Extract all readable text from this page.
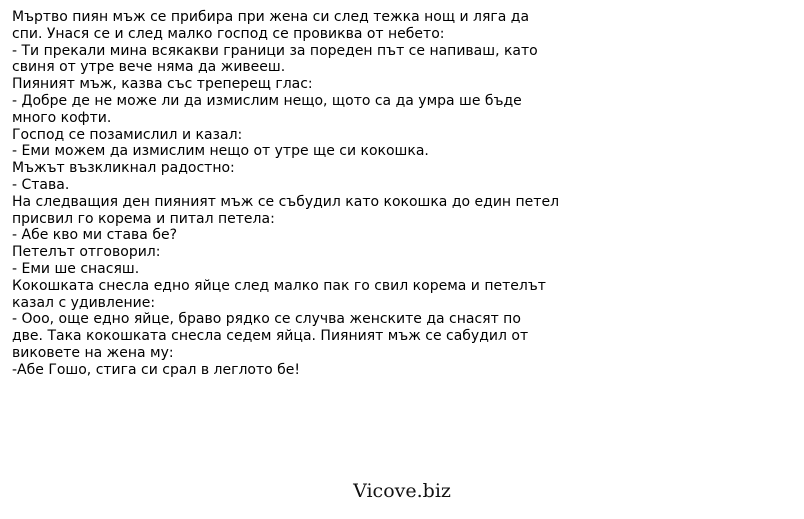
Мъртво пиян мъж се прибира при жена си след тежка нощ и ляга да
спи. Унася се и след малко господ се провиква от небето:
- Ти прекали мина всякакви граници за пореден път се напиваш, като
свиня от утре вече няма да живееш.
Пияният мъж, казва със треперещ глас:
- Добре де не може ли да измислим нещо, щото са да умра ше бъде
много кофти.
Господ се позамислил и казал:
- Еми можем да измислим нещо от утре ще си кокошка.
Мъжът възкликнал радостно:
- Става.
На следващия ден пияният мъж се събудил като кокошка до един петел
присвил го корема и питал петела:
- Абе кво ми става бе?
Петелът отговорил:
- Еми ше снасяш.
Кокошката снесла едно яйце след малко пак го свил корема и петелът
казал с удивление:
- Ооо, още едно яйце, браво рядко се случва женските да снасят по
две. Така кокошката снесла седем яйца. Пияният мъж се сабудил от
виковете на жена му:
-Абе Гошо, стига си срал в леглото бе!
Vicove.biz
